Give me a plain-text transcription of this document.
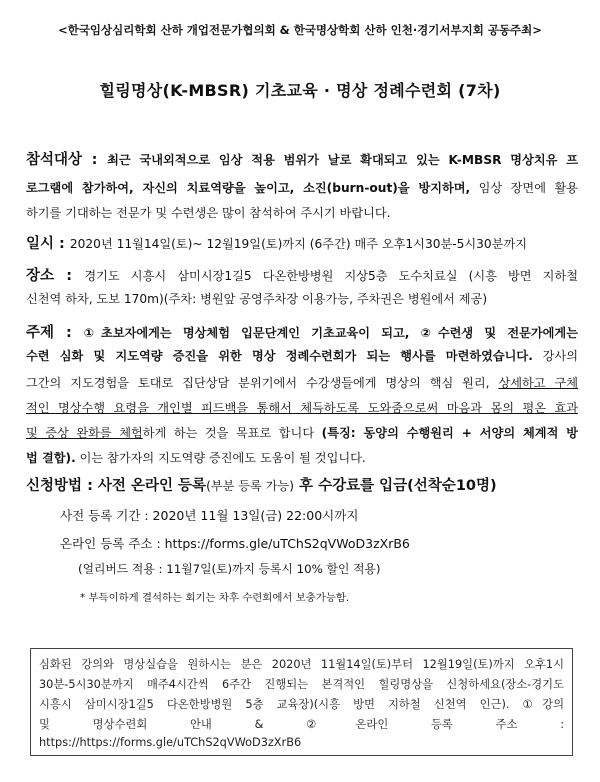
<한국임상심리학회 산하 개업전문가협의회 & 한국명상학회 산하 인천·경기서부지회 공동주최>
힐링명상(K-MBSR) 기초교육 · 명상 정례수련회 (7차)
참석대상 : 최근 국내외적으로 임상 적용 범위가 날로 확대되고 있는 K-MBSR 명상치유 프
로그램에 참가하여, 자신의 치료역량을 높이고, 소진(burn-out)을 방지하며, 임상 장면에 활용
하기를 기대하는 전문가 및 수련생은 많이 참석하여 주시기 바랍니다.
일시 : 2020년 11월14일(토)~ 12월19일(토)까지 (6주간) 매주 오후1시30분-5시30분까지
장소 : 경기도 시흥시 삼미시장1길5 다온한방병원 지상5층 도수치료실 (시흥 방면 지하철
신천역 하차, 도보 170m)(주차: 병원앞 공영주차장 이용가능, 주차권은 병원에서 제공)
주제 : ①초보자에게는 명상체험 입문단계인 기초교육이 되고, ②수련생 및 전문가에게는
수련 심화 및 지도역량 증진을 위한 명상 정례수련회가 되는 행사를 마련하였습니다. 강사의
그간의 지도경험을 토대로 집단상담 분위기에서 수강생들에게 명상의 핵심 원리, 상세하고 구체
적인 명상수행 요령을 개인별 피드백을 통해서 체득하도록 도와줌으로써 마음과 몸의 평온 효과
및 증상 완화를 체험하게 하는 것을 목표로 합니다 (특징: 동양의 수행원리 + 서양의 체계적 방
법 결합). 이는 참가자의 지도역량 증진에도 도움이 될 것입니다.
신청방법 : 사전 온라인 등록(부분 등록 가능) 후 수강료를 입금(선착순10명)
사전 등록 기간 : 2020년 11월 13일(금) 22:00시까지
온라인 등록 주소 : https://forms.gle/uTChS2qVWoD3zXrB6
(얼리버드 적용 : 11월7일(토)까지 등록시 10% 할인 적용)
* 부득이하게 결석하는 회기는 차후 수련회에서 보충가능함.
심화된 강의와 명상실습을 원하시는 분은 2020년 11월14일(토)부터 12월19일(토)까지 오후1시
30분-5시30분까지 매주4시간씩 6주간 진행되는 본격적인 힐링명상을 신청하세요(장소-경기도
시흥시 삼미시장1길5 다온한방병원 5층 교육장)(시흥 방면 지하철 신천역 인근). ①강의
및 명상수련회 안내 & ②온라인 등록 주소 :
https://https://forms.gle/uTChS2qVWoD3zXrB6
